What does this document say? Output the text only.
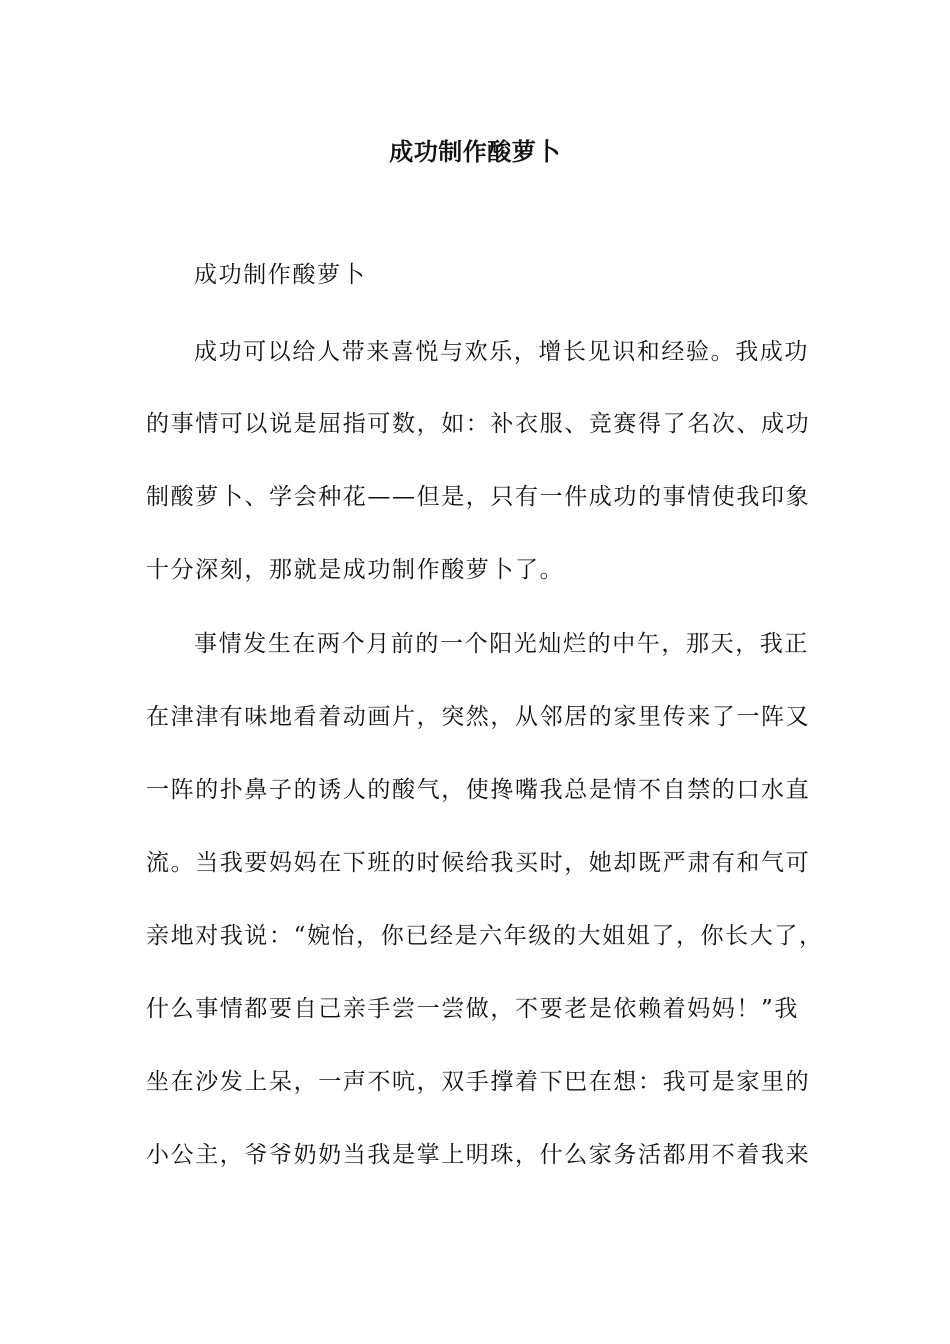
成功制作酸萝卜
成功制作酸萝卜
成功可以给人带来喜悦与欢乐，增长见识和经验。我成功
的事情可以说是屈指可数，如：补衣服、竞赛得了名次、成功
制酸萝卜、学会种花——但是，只有一件成功的事情使我印象
十分深刻，那就是成功制作酸萝卜了。
事情发生在两个月前的一个阳光灿烂的中午，那天，我正
在津津有味地看着动画片，突然，从邻居的家里传来了一阵又
一阵的扑鼻子的诱人的酸气，使搀嘴我总是情不自禁的口水直
流。当我要妈妈在下班的时候给我买时，她却既严肃有和气可
亲地对我说：“婉怡，你已经是六年级的大姐姐了，你长大了，
什么事情都要自己亲手尝一尝做，不要老是依赖着妈妈！”我
坐在沙发上呆，一声不吭，双手撑着下巴在想：我可是家里的
小公主，爷爷奶奶当我是掌上明珠，什么家务活都用不着我来
